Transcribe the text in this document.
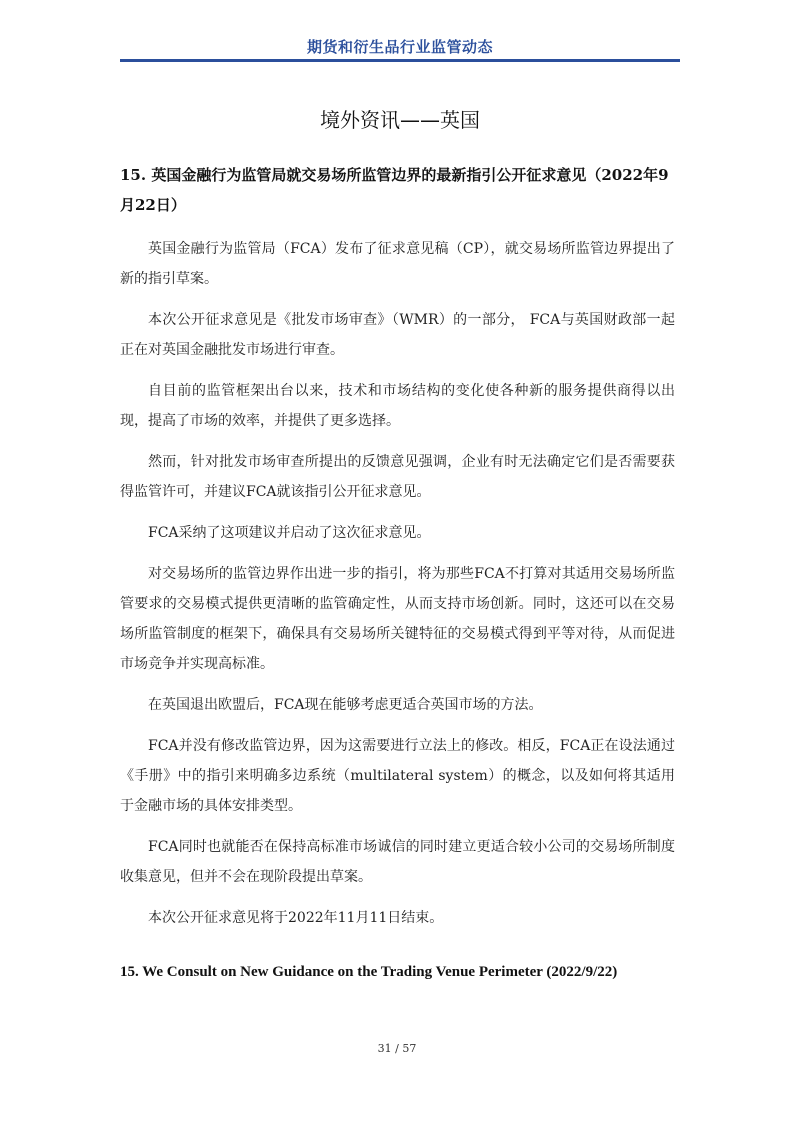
期货和衍生品行业监管动态
境外资讯——英国
15. 英国金融行为监管局就交易场所监管边界的最新指引公开征求意见（2022年9月22日）

英国金融行为监管局（FCA）发布了征求意见稿（CP），就交易场所监管边界提出了新的指引草案。

本次公开征求意见是《批发市场审查》（WMR）的一部分， FCA与英国财政部一起正在对英国金融批发市场进行审查。

自目前的监管框架出台以来，技术和市场结构的变化使各种新的服务提供商得以出现，提高了市场的效率，并提供了更多选择。

然而，针对批发市场审查所提出的反馈意见强调，企业有时无法确定它们是否需要获得监管许可，并建议FCA就该指引公开征求意见。

FCA采纳了这项建议并启动了这次征求意见。

对交易场所的监管边界作出进一步的指引，将为那些FCA不打算对其适用交易场所监管要求的交易模式提供更清晰的监管确定性，从而支持市场创新。同时，这还可以在交易场所监管制度的框架下，确保具有交易场所关键特征的交易模式得到平等对待，从而促进市场竞争并实现高标准。

在英国退出欧盟后，FCA现在能够考虑更适合英国市场的方法。

FCA并没有修改监管边界，因为这需要进行立法上的修改。相反，FCA正在设法通过《手册》中的指引来明确多边系统（multilateral system）的概念，以及如何将其适用于金融市场的具体安排类型。

FCA同时也就能否在保持高标准市场诚信的同时建立更适合较小公司的交易场所制度收集意见，但并不会在现阶段提出草案。

本次公开征求意见将于2022年11月11日结束。

15. We Consult on New Guidance on the Trading Venue Perimeter (2022/9/22)
31 / 57
